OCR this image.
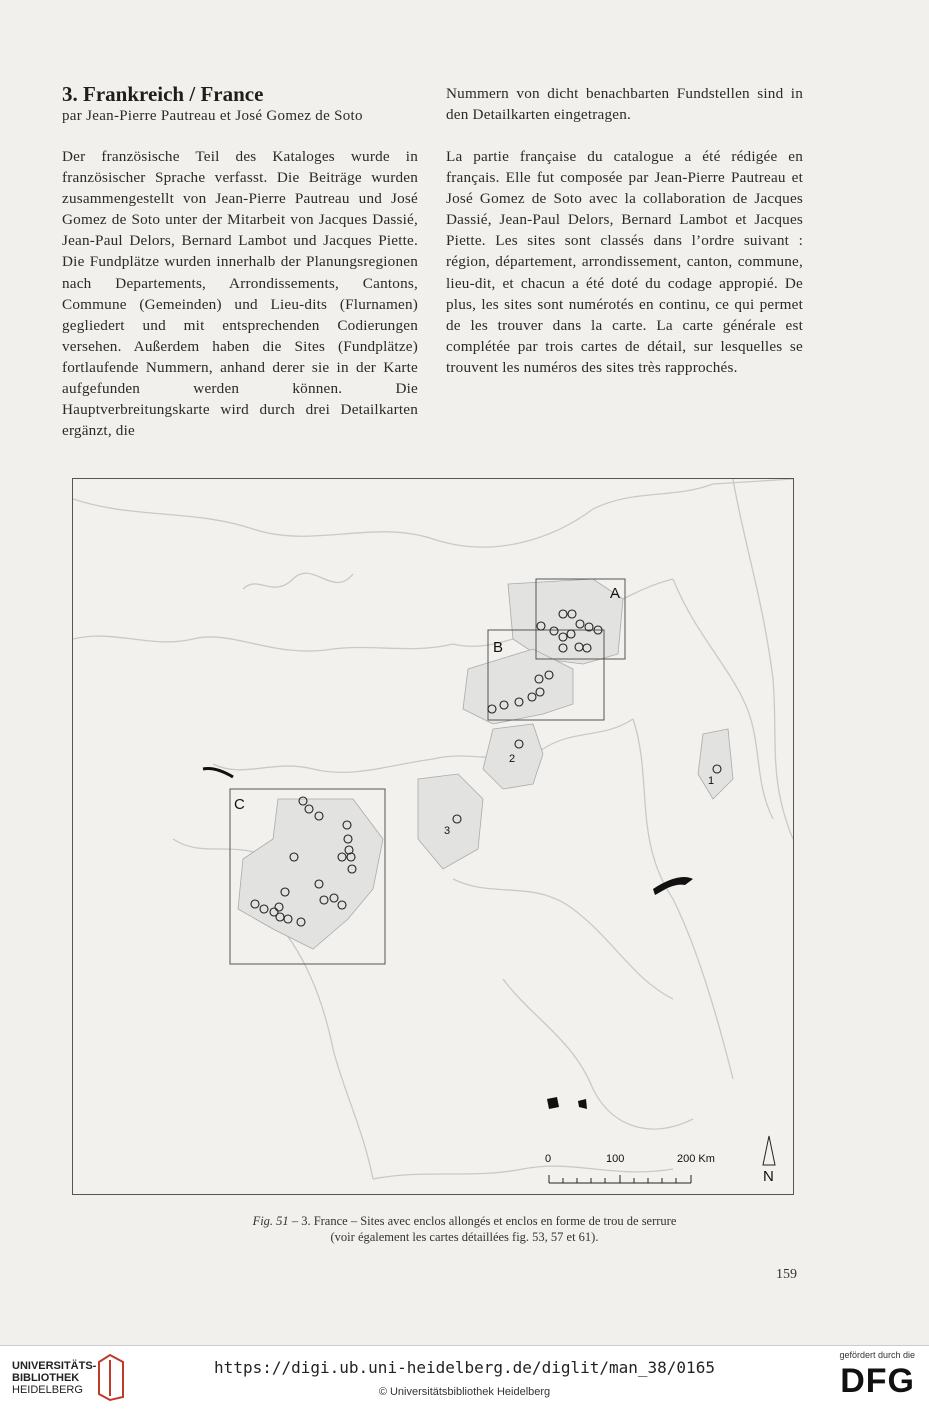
3. Frankreich / France
par Jean-Pierre Pautreau et José Gomez de Soto
Der französische Teil des Kataloges wurde in französischer Sprache verfasst. Die Beiträge wurden zusammengestellt von Jean-Pierre Pautreau und José Gomez de Soto unter der Mitarbeit von Jacques Dassié, Jean-Paul Delors, Bernard Lambot und Jacques Piette. Die Fundplätze wurden innerhalb der Planungsregionen nach Departements, Arrondissements, Cantons, Commune (Gemeinden) und Lieu-dits (Flurnamen) gegliedert und mit entsprechenden Codierungen versehen. Außerdem haben die Sites (Fundplätze) fortlaufende Nummern, anhand derer sie in der Karte aufgefunden werden können. Die Hauptverbreitungskarte wird durch drei Detailkarten ergänzt, die
Nummern von dicht benachbarten Fundstellen sind in den Detailkarten eingetragen.
La partie française du catalogue a été rédigée en français. Elle fut composée par Jean-Pierre Pautreau et José Gomez de Soto avec la collaboration de Jacques Dassié, Jean-Paul Delors, Bernard Lambot et Jacques Piette. Les sites sont classés dans l’ordre suivant : région, département, arrondissement, canton, commune, lieu-dit, et chacun a été doté du codage appropié. De plus, les sites sont numérotés en continu, ce qui permet de les trouver dans la carte. La carte générale est complétée par trois cartes de détail, sur lesquelles se trouvent les numéros des sites très rapprochés.
A
B
C
1
2
3
0	100	200 Km
N
Fig. 51 – 3. France – Sites avec enclos allongés et enclos en forme de trou de serrure
(voir également les cartes détaillées fig. 53, 57 et 61).
159
UNIVERSITÄTS-
BIBLIOTHEK
HEIDELBERG
https://digi.ub.uni-heidelberg.de/diglit/man_38/0165
© Universitätsbibliothek Heidelberg
gefördert durch die
DFG
